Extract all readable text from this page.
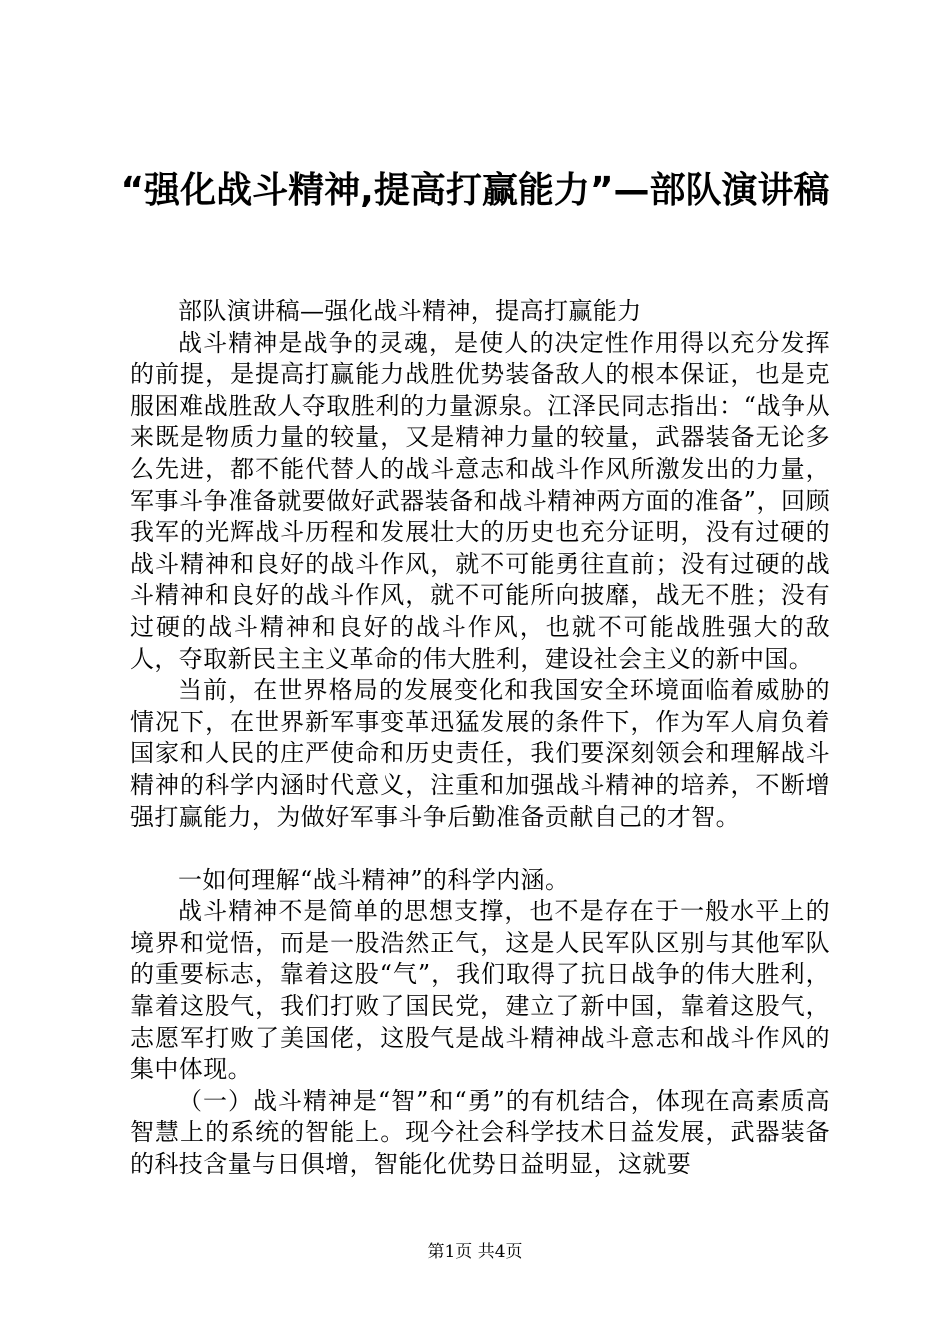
“强化战斗精神,提高打赢能力”—部队演讲稿

部队演讲稿—强化战斗精神，提高打赢能力

战斗精神是战争的灵魂，是使人的决定性作用得以充分发挥的前提，是提高打赢能力战胜优势装备敌人的根本保证，也是克服困难战胜敌人夺取胜利的力量源泉。江泽民同志指出：“战争从来既是物质力量的较量，又是精神力量的较量，武器装备无论多么先进，都不能代替人的战斗意志和战斗作风所激发出的力量，军事斗争准备就要做好武器装备和战斗精神两方面的准备”，回顾我军的光辉战斗历程和发展壮大的历史也充分证明，没有过硬的战斗精神和良好的战斗作风，就不可能勇往直前；没有过硬的战斗精神和良好的战斗作风，就不可能所向披靡，战无不胜；没有过硬的战斗精神和良好的战斗作风，也就不可能战胜强大的敌人，夺取新民主主义革命的伟大胜利，建设社会主义的新中国。

当前，在世界格局的发展变化和我国安全环境面临着威胁的情况下，在世界新军事变革迅猛发展的条件下，作为军人肩负着国家和人民的庄严使命和历史责任，我们要深刻领会和理解战斗精神的科学内涵时代意义，注重和加强战斗精神的培养，不断增强打赢能力，为做好军事斗争后勤准备贡献自己的才智。

一如何理解“战斗精神”的科学内涵。

战斗精神不是简单的思想支撑，也不是存在于一般水平上的境界和觉悟，而是一股浩然正气，这是人民军队区别与其他军队的重要标志，靠着这股“气”，我们取得了抗日战争的伟大胜利，靠着这股气，我们打败了国民党，建立了新中国，靠着这股气，志愿军打败了美国佬，这股气是战斗精神战斗意志和战斗作风的集中体现。

（一）战斗精神是“智”和“勇”的有机结合，体现在高素质高智慧上的系统的智能上。现今社会科学技术日益发展，武器装备的科技含量与日俱增，智能化优势日益明显，这就要

第1页 共4页
